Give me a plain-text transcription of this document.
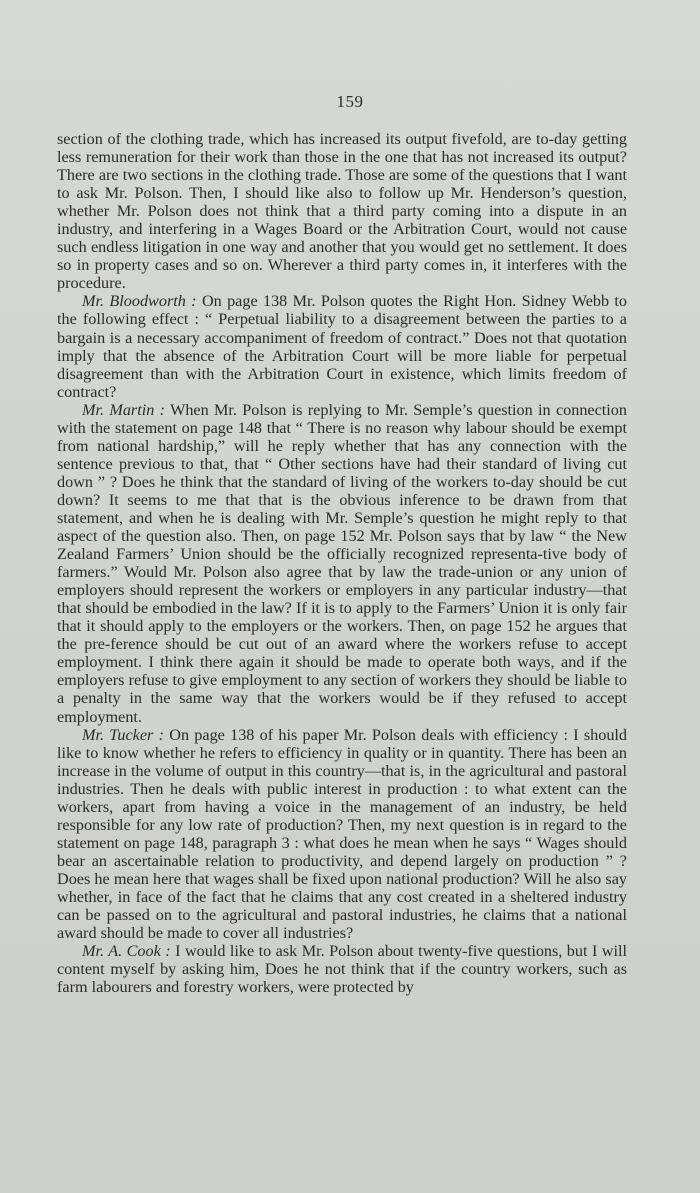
159

section of the clothing trade, which has increased its output fivefold, are to-day getting less remuneration for their work than those in the one that has not increased its output? There are two sections in the clothing trade. Those are some of the questions that I want to ask Mr. Polson. Then, I should like also to follow up Mr. Henderson’s question, whether Mr. Polson does not think that a third party coming into a dispute in an industry, and interfering in a Wages Board or the Arbitration Court, would not cause such endless litigation in one way and another that you would get no settlement. It does so in property cases and so on. Wherever a third party comes in, it interferes with the procedure.

Mr. Bloodworth : On page 138 Mr. Polson quotes the Right Hon. Sidney Webb to the following effect : “ Perpetual liability to a disagreement between the parties to a bargain is a necessary accompaniment of freedom of contract.” Does not that quotation imply that the absence of the Arbitration Court will be more liable for perpetual disagreement than with the Arbitration Court in existence, which limits freedom of contract?

Mr. Martin : When Mr. Polson is replying to Mr. Semple’s question in connection with the statement on page 148 that “ There is no reason why labour should be exempt from national hardship,” will he reply whether that has any connection with the sentence previous to that, that “ Other sections have had their standard of living cut down ” ? Does he think that the standard of living of the workers to-day should be cut down? It seems to me that that is the obvious inference to be drawn from that statement, and when he is dealing with Mr. Semple’s question he might reply to that aspect of the question also. Then, on page 152 Mr. Polson says that by law “ the New Zealand Farmers’ Union should be the officially recognized representa-tive body of farmers.” Would Mr. Polson also agree that by law the trade-union or any union of employers should represent the workers or employers in any particular industry—that that should be embodied in the law? If it is to apply to the Farmers’ Union it is only fair that it should apply to the employers or the workers. Then, on page 152 he argues that the pre-ference should be cut out of an award where the workers refuse to accept employment. I think there again it should be made to operate both ways, and if the employers refuse to give employment to any section of workers they should be liable to a penalty in the same way that the workers would be if they refused to accept employment.

Mr. Tucker : On page 138 of his paper Mr. Polson deals with efficiency : I should like to know whether he refers to efficiency in quality or in quantity. There has been an increase in the volume of output in this country—that is, in the agricultural and pastoral industries. Then he deals with public interest in production : to what extent can the workers, apart from having a voice in the management of an industry, be held responsible for any low rate of production? Then, my next question is in regard to the statement on page 148, paragraph 3 : what does he mean when he says “ Wages should bear an ascertainable relation to productivity, and depend largely on production ” ? Does he mean here that wages shall be fixed upon national production? Will he also say whether, in face of the fact that he claims that any cost created in a sheltered industry can be passed on to the agricultural and pastoral industries, he claims that a national award should be made to cover all industries?

Mr. A. Cook : I would like to ask Mr. Polson about twenty-five questions, but I will content myself by asking him, Does he not think that if the country workers, such as farm labourers and forestry workers, were protected by
